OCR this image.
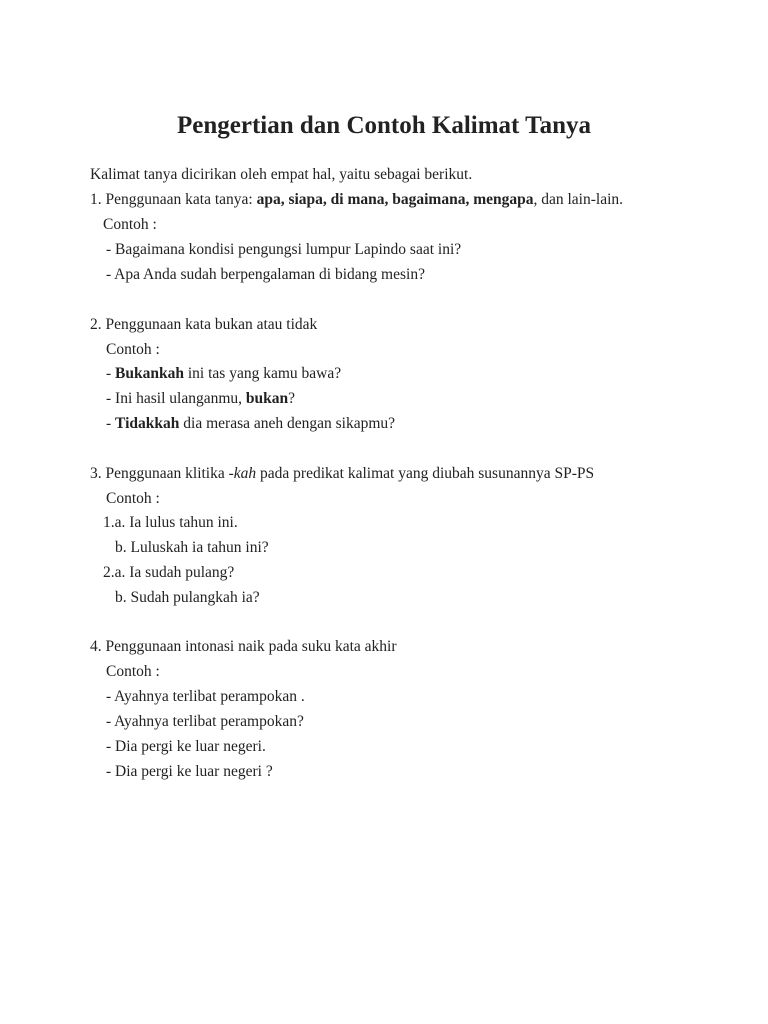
Pengertian dan Contoh Kalimat Tanya
Kalimat tanya dicirikan oleh empat hal, yaitu sebagai berikut.
1. Penggunaan kata tanya: apa, siapa, di mana, bagaimana, mengapa, dan lain-lain.
Contoh :
- Bagaimana kondisi pengungsi lumpur Lapindo saat ini?
- Apa Anda sudah berpengalaman di bidang mesin?
2. Penggunaan kata bukan atau tidak
Contoh :
- Bukankah ini tas yang kamu bawa?
- Ini hasil ulanganmu, bukan?
- Tidakkah dia merasa aneh dengan sikapmu?
3. Penggunaan klitika -kah pada predikat kalimat yang diubah susunannya SP-PS
Contoh :
1.a. Ia lulus tahun ini.
b. Luluskah ia tahun ini?
2.a. Ia sudah pulang?
b. Sudah pulangkah ia?
4. Penggunaan intonasi naik pada suku kata akhir
Contoh :
- Ayahnya terlibat perampokan .
- Ayahnya terlibat perampokan?
- Dia pergi ke luar negeri.
- Dia pergi ke luar negeri ?
